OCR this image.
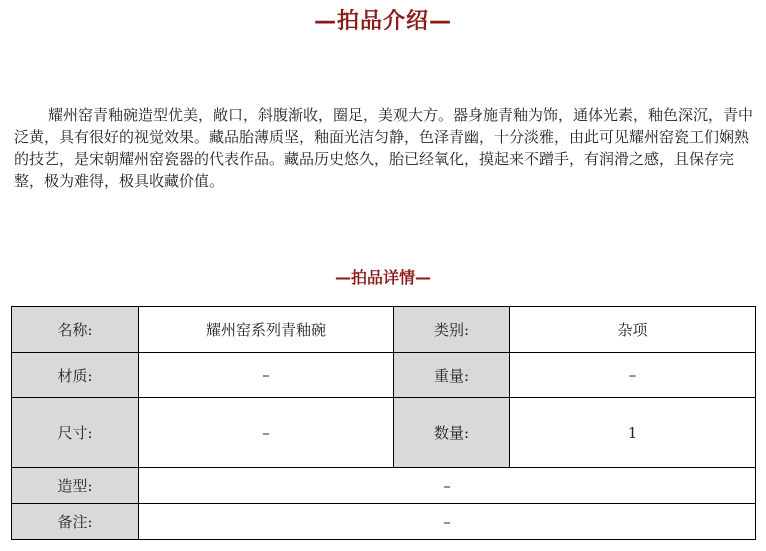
—拍品介绍—

耀州窑青釉碗造型优美，敞口，斜腹渐收，圈足，美观大方。器身施青釉为饰，通体光素，釉色深沉，青中泛黄，具有很好的视觉效果。藏品胎薄质坚，釉面光洁匀静，色泽青幽，十分淡雅，由此可见耀州窑瓷工们娴熟的技艺，是宋朝耀州窑瓷器的代表作品。藏品历史悠久，胎已经氧化，摸起来不蹭手，有润滑之感，且保存完整，极为难得，极具收藏价值。

—拍品详情—
名称:	耀州窑系列青釉碗	类别:	杂项
材质:	–	重量:	–
尺寸:	–	数量:	1
造型:	–		
备注:	–		
